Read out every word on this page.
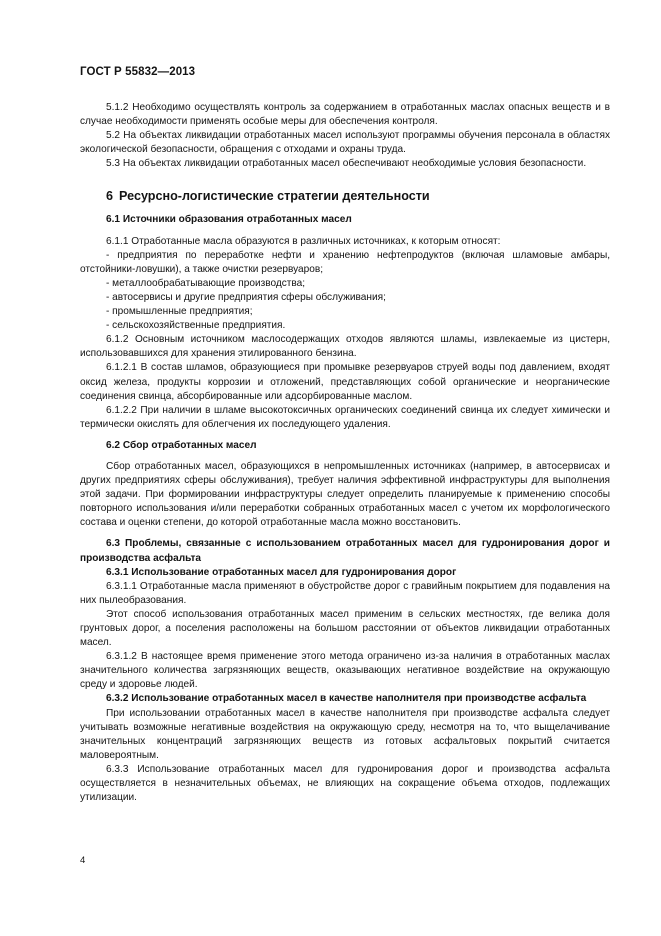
ГОСТ Р 55832—2013

5.1.2 Необходимо осуществлять контроль за содержанием в отработанных маслах опасных веществ и в случае необходимости применять особые меры для обеспечения контроля.

5.2 На объектах ликвидации отработанных масел используют программы обучения персонала в областях экологической безопасности, обращения с отходами и охраны труда.

5.3 На объектах ликвидации отработанных масел обеспечивают необходимые условия безопасности.

6 Ресурсно-логистические стратегии деятельности

6.1 Источники образования отработанных масел

6.1.1 Отработанные масла образуются в различных источниках, к которым относят:

- предприятия по переработке нефти и хранению нефтепродуктов (включая шламовые амбары, отстойники-ловушки), а также очистки резервуаров;

- металлообрабатывающие производства;

- автосервисы и другие предприятия сферы обслуживания;

- промышленные предприятия;

- сельскохозяйственные предприятия.

6.1.2 Основным источником маслосодержащих отходов являются шламы, извлекаемые из цистерн, использовавшихся для хранения этилированного бензина.

6.1.2.1 В состав шламов, образующиеся при промывке резервуаров струей воды под давлением, входят оксид железа, продукты коррозии и отложений, представляющих собой органические и неорганические соединения свинца, абсорбированные или адсорбированные маслом.

6.1.2.2 При наличии в шламе высокотоксичных органических соединений свинца их следует химически и термически окислять для облегчения их последующего удаления.

6.2 Сбор отработанных масел

Сбор отработанных масел, образующихся в непромышленных источниках (например, в автосервисах и других предприятиях сферы обслуживания), требует наличия эффективной инфраструктуры для выполнения этой задачи. При формировании инфраструктуры следует определить планируемые к применению способы повторного использования и/или переработки собранных отработанных масел с учетом их морфологического состава и оценки степени, до которой отработанные масла можно восстановить.

6.3 Проблемы, связанные с использованием отработанных масел для гудронирования дорог и производства асфальта

6.3.1 Использование отработанных масел для гудронирования дорог

6.3.1.1 Отработанные масла применяют в обустройстве дорог с гравийным покрытием для подавления на них пылеобразования.

Этот способ использования отработанных масел применим в сельских местностях, где велика доля грунтовых дорог, а поселения расположены на большом расстоянии от объектов ликвидации отработанных масел.

6.3.1.2 В настоящее время применение этого метода ограничено из-за наличия в отработанных маслах значительного количества загрязняющих веществ, оказывающих негативное воздействие на окружающую среду и здоровье людей.

6.3.2 Использование отработанных масел в качестве наполнителя при производстве асфальта

При использовании отработанных масел в качестве наполнителя при производстве асфальта следует учитывать возможные негативные воздействия на окружающую среду, несмотря на то, что выщелачивание значительных концентраций загрязняющих веществ из готовых асфальтовых покрытий считается маловероятным.

6.3.3 Использование отработанных масел для гудронирования дорог и производства асфальта осуществляется в незначительных объемах, не влияющих на сокращение объема отходов, подлежащих утилизации.

4
